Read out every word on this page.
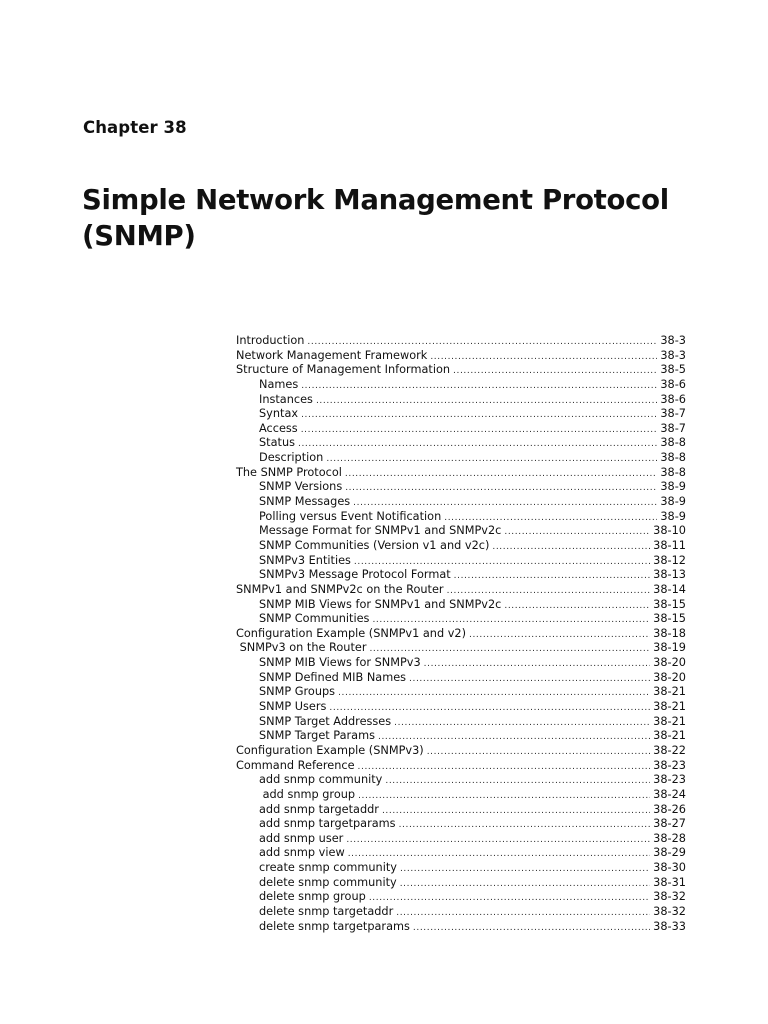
Chapter 38
Simple Network Management Protocol
(SNMP)
Introduction .....	38-3
Network Management Framework .....	38-3
Structure of Management Information .....	38-5
Names .....	38-6
Instances .....	38-6
Syntax .....	38-7
Access .....	38-7
Status .....	38-8
Description .....	38-8
The SNMP Protocol .....	38-8
SNMP Versions .....	38-9
SNMP Messages .....	38-9
Polling versus Event Notification .....	38-9
Message Format for SNMPv1 and SNMPv2c .....	38-10
SNMP Communities (Version v1 and v2c) .....	38-11
SNMPv3 Entities .....	38-12
SNMPv3 Message Protocol Format .....	38-13
SNMPv1 and SNMPv2c on the Router .....	38-14
SNMP MIB Views for SNMPv1 and SNMPv2c .....	38-15
SNMP Communities .....	38-15
Configuration Example (SNMPv1 and v2) .....	38-18
SNMPv3 on the Router .....	38-19
SNMP MIB Views for SNMPv3 .....	38-20
SNMP Defined MIB Names .....	38-20
SNMP Groups .....	38-21
SNMP Users .....	38-21
SNMP Target Addresses .....	38-21
SNMP Target Params .....	38-21
Configuration Example (SNMPv3) .....	38-22
Command Reference .....	38-23
add snmp community .....	38-23
add snmp group .....	38-24
add snmp targetaddr .....	38-26
add snmp targetparams .....	38-27
add snmp user .....	38-28
add snmp view .....	38-29
create snmp community .....	38-30
delete snmp community .....	38-31
delete snmp group .....	38-32
delete snmp targetaddr .....	38-32
delete snmp targetparams .....	38-33
